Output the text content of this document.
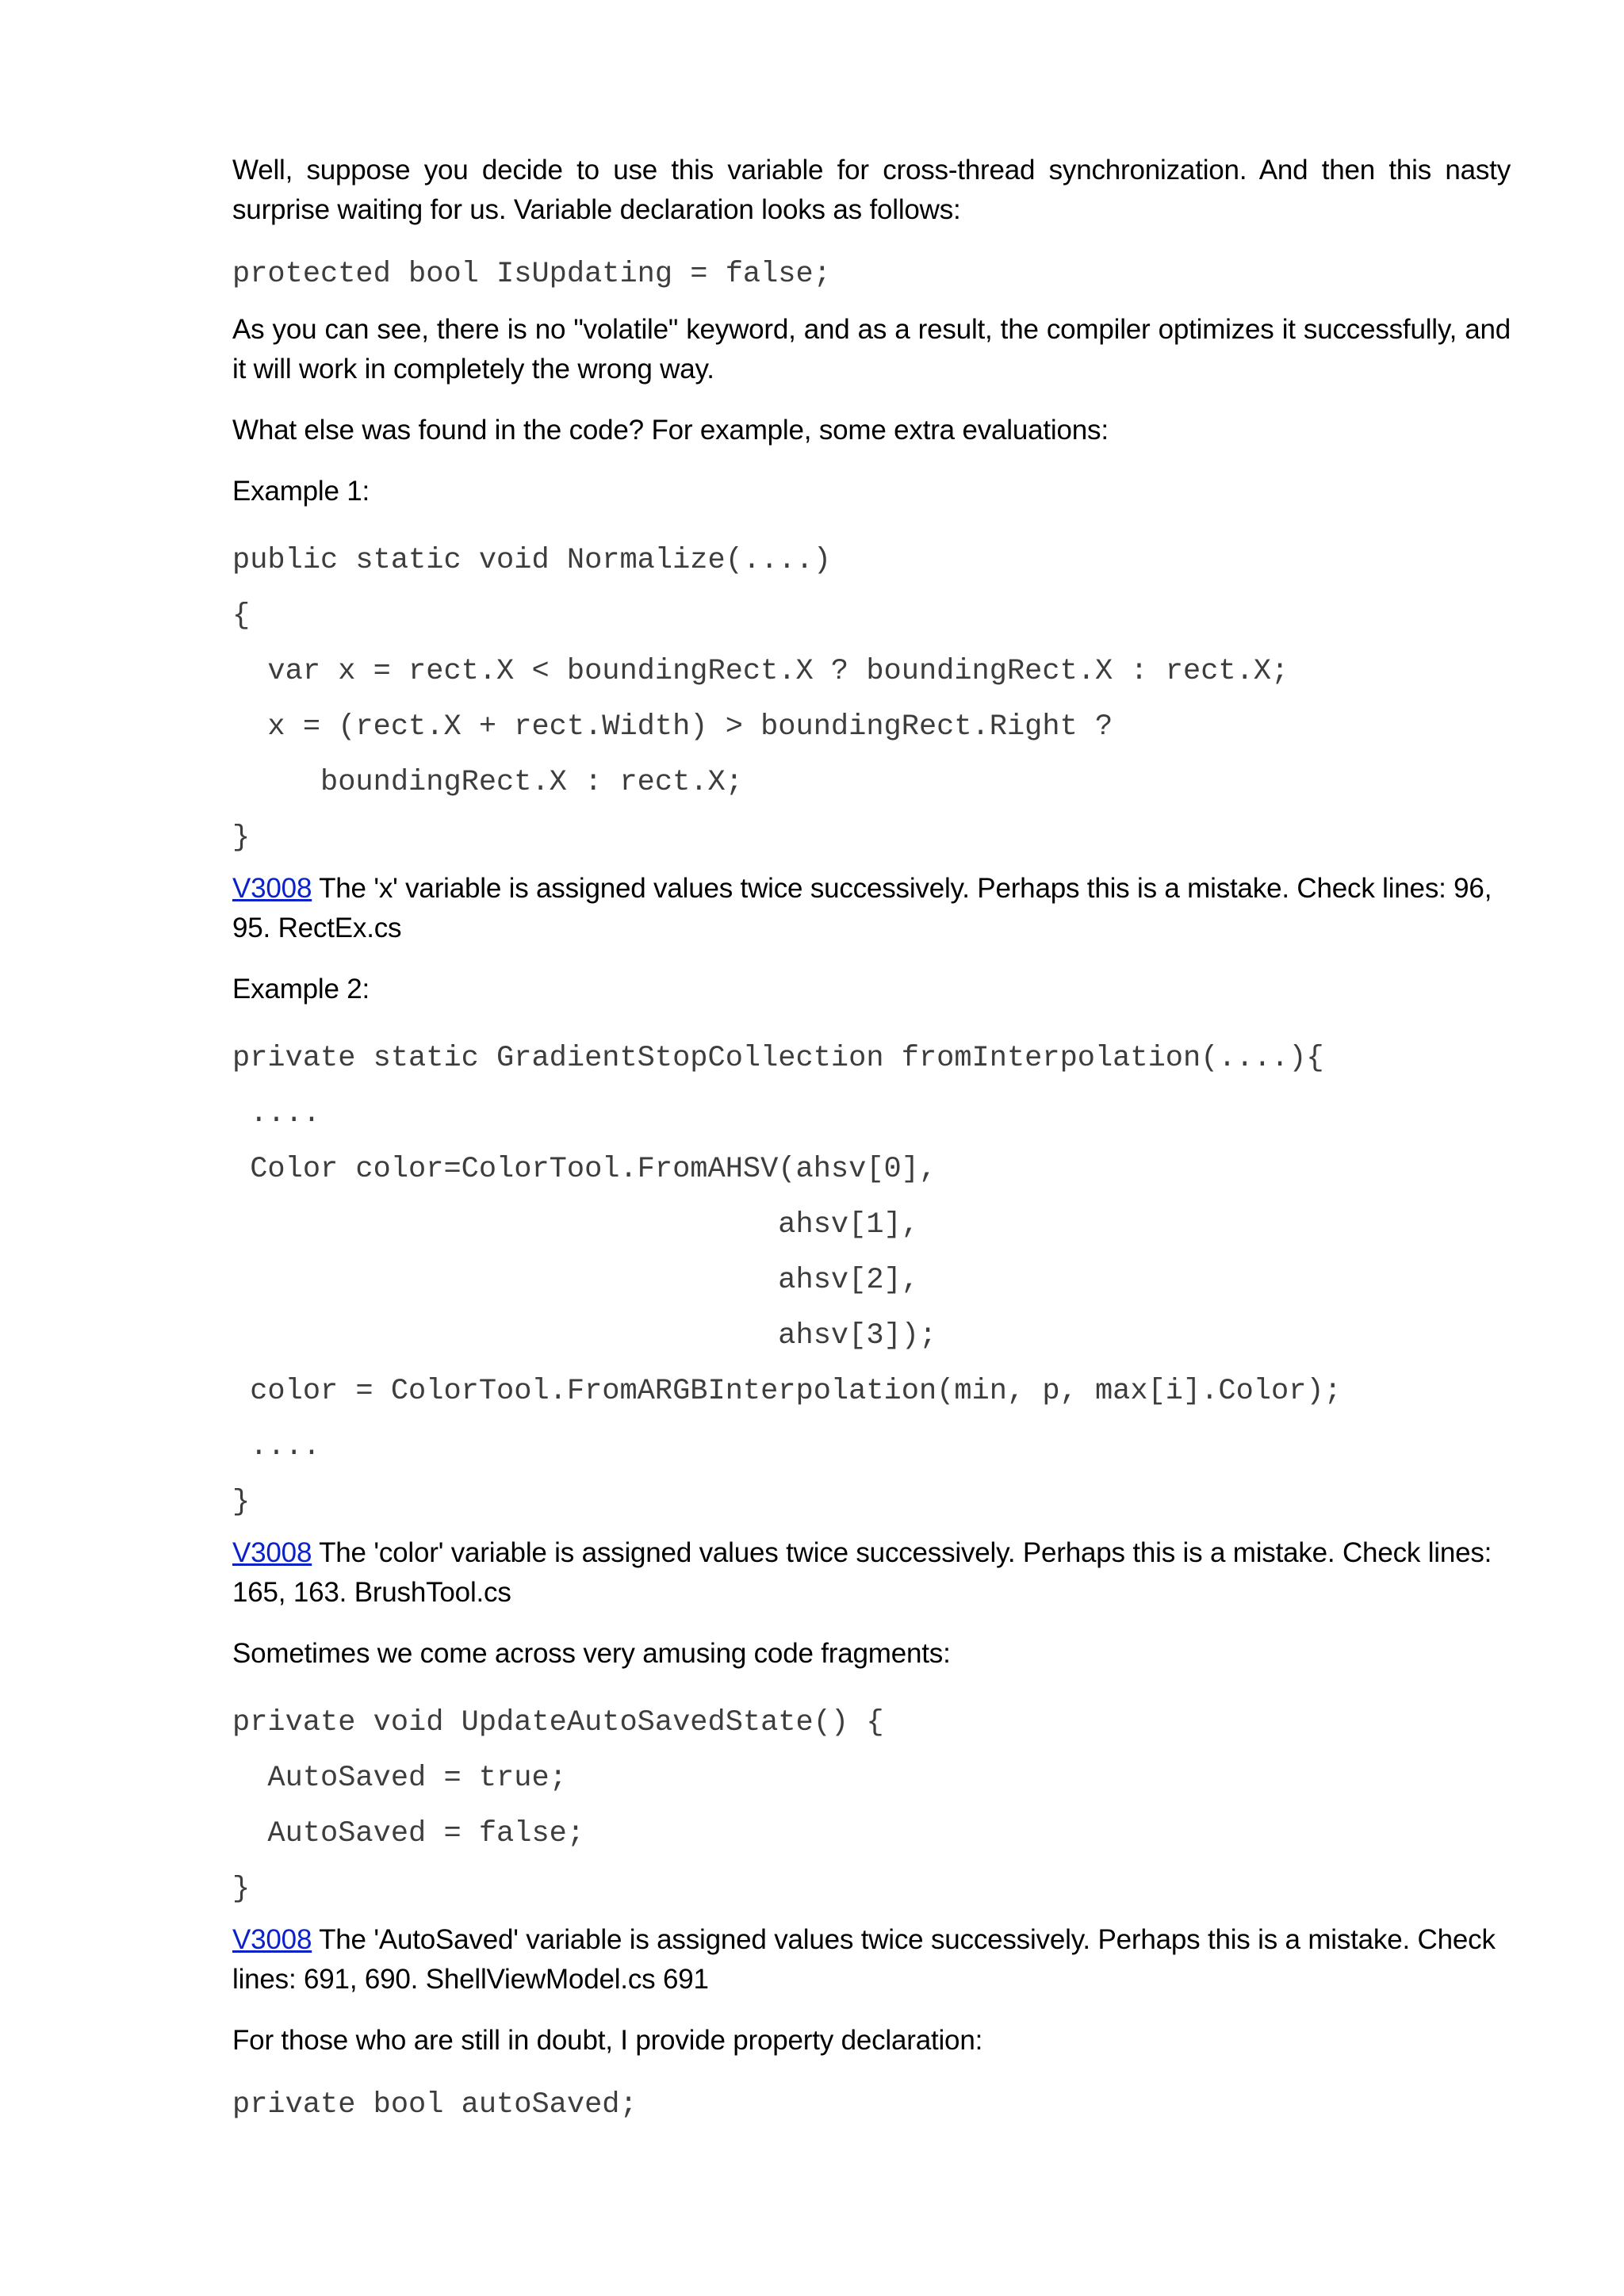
Well, suppose you decide to use this variable for cross-thread synchronization. And then this nasty surprise waiting for us. Variable declaration looks as follows:

protected bool IsUpdating = false;

As you can see, there is no "volatile" keyword, and as a result, the compiler optimizes it successfully, and it will work in completely the wrong way.

What else was found in the code? For example, some extra evaluations:

Example 1:

public static void Normalize(....)
{
var x = rect.X < boundingRect.X ? boundingRect.X : rect.X;
x = (rect.X + rect.Width) > boundingRect.Right ?
boundingRect.X : rect.X;
}

V3008 The 'x' variable is assigned values twice successively. Perhaps this is a mistake. Check lines: 96, 95. RectEx.cs

Example 2:

private static GradientStopCollection fromInterpolation(....){
....
Color color=ColorTool.FromAHSV(ahsv[0],
ahsv[1],
ahsv[2],
ahsv[3]);
color = ColorTool.FromARGBInterpolation(min, p, max[i].Color);
....
}

V3008 The 'color' variable is assigned values twice successively. Perhaps this is a mistake. Check lines: 165, 163. BrushTool.cs

Sometimes we come across very amusing code fragments:

private void UpdateAutoSavedState() {
AutoSaved = true;
AutoSaved = false;
}

V3008 The 'AutoSaved' variable is assigned values twice successively. Perhaps this is a mistake. Check lines: 691, 690. ShellViewModel.cs 691

For those who are still in doubt, I provide property declaration:

private bool autoSaved;
